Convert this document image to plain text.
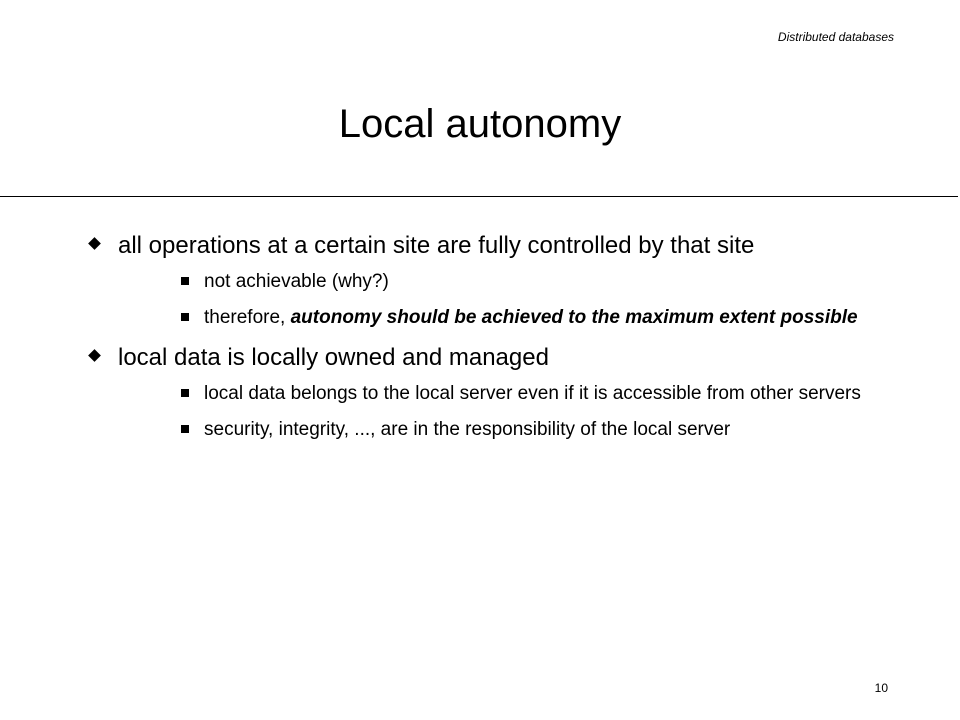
Distributed databases
Local autonomy
all operations at a certain site are fully controlled by that site
not achievable (why?)
therefore, autonomy should be achieved to the maximum extent possible
local data is locally owned and managed
local data belongs to the local server even if it is accessible from other servers
security, integrity, ..., are in the responsibility of the local server
10
